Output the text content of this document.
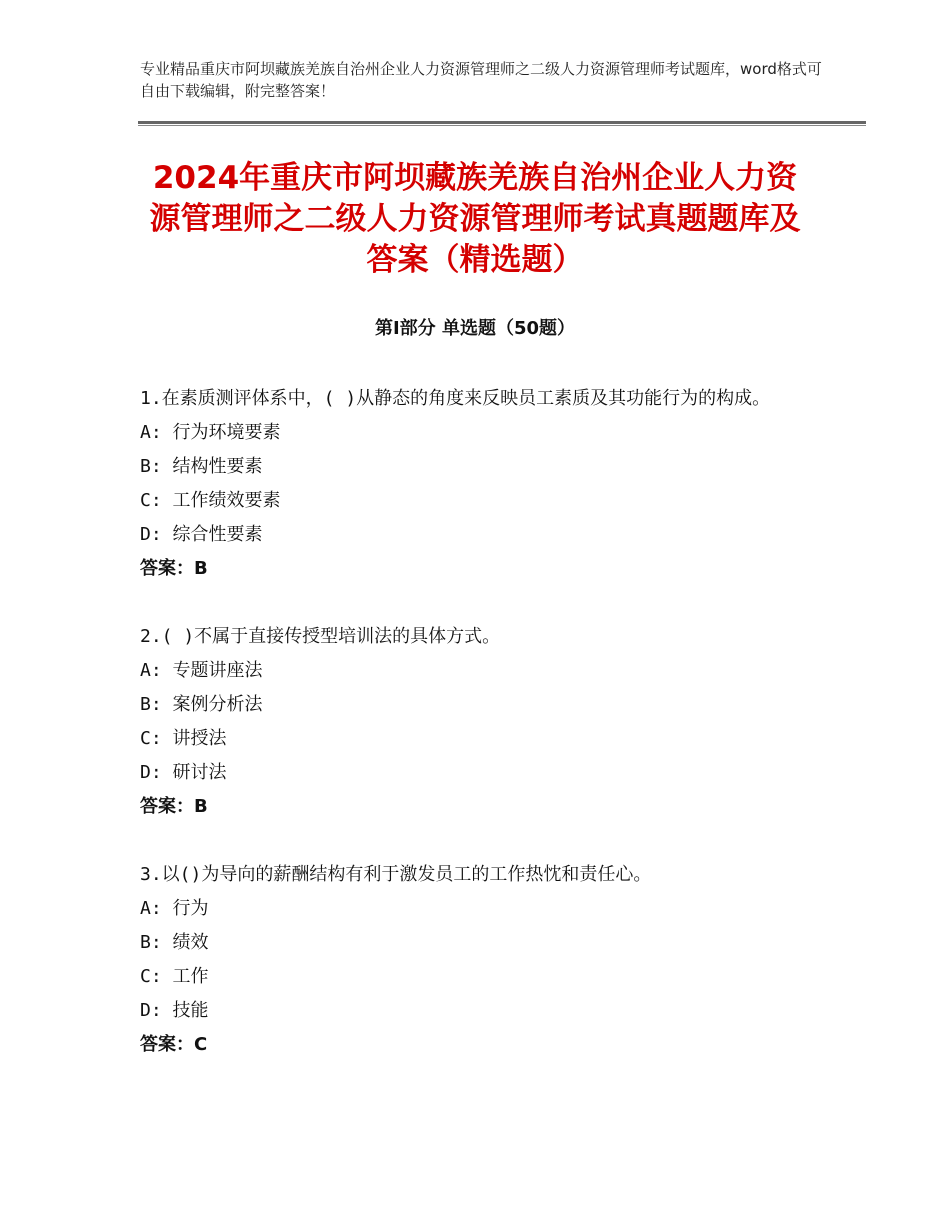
专业精品重庆市阿坝藏族羌族自治州企业人力资源管理师之二级人力资源管理师考试题库，word格式可自由下载编辑，附完整答案！
2024年重庆市阿坝藏族羌族自治州企业人力资源管理师之二级人力资源管理师考试真题题库及答案（精选题）
第Ⅰ部分 单选题（50题）
1.在素质测评体系中，( )从静态的角度来反映员工素质及其功能行为的构成。
A: 行为环境要素
B: 结构性要素
C: 工作绩效要素
D: 综合性要素
答案：B
2.( )不属于直接传授型培训法的具体方式。
A: 专题讲座法
B: 案例分析法
C: 讲授法
D: 研讨法
答案：B
3.以()为导向的薪酬结构有利于激发员工的工作热忱和责任心。
A: 行为
B: 绩效
C: 工作
D: 技能
答案：C
